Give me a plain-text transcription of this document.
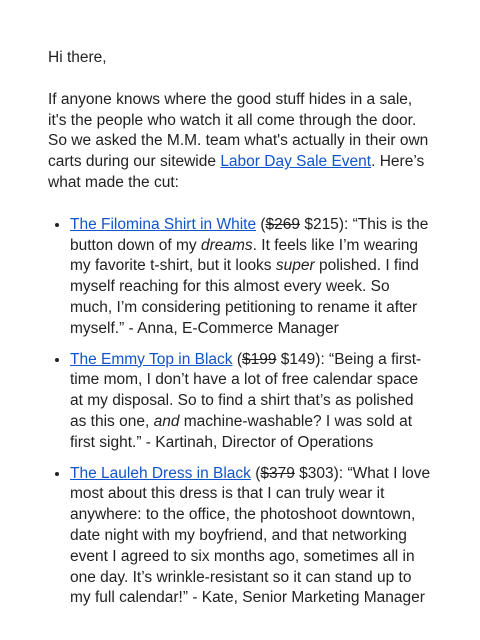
Hi there,

If anyone knows where the good stuff hides in a sale, it's the people who watch it all come through the door. So we asked the M.M. team what's actually in their own carts during our sitewide Labor Day Sale Event. Here’s what made the cut:

• The Filomina Shirt in White ($269 $215): “This is the button down of my dreams. It feels like I’m wearing my favorite t-shirt, but it looks super polished. I find myself reaching for this almost every week. So much, I’m considering petitioning to rename it after myself.” - Anna, E-Commerce Manager
• The Emmy Top in Black ($199 $149): “Being a first-time mom, I don’t have a lot of free calendar space at my disposal. So to find a shirt that’s as polished as this one, and machine-washable? I was sold at first sight.” - Kartinah, Director of Operations
• The Lauleh Dress in Black ($379 $303): “What I love most about this dress is that I can truly wear it anywhere: to the office, the photoshoot downtown, date night with my boyfriend, and that networking event I agreed to six months ago, sometimes all in one day. It’s wrinkle-resistant so it can stand up to my full calendar!” - Kate, Senior Marketing Manager
